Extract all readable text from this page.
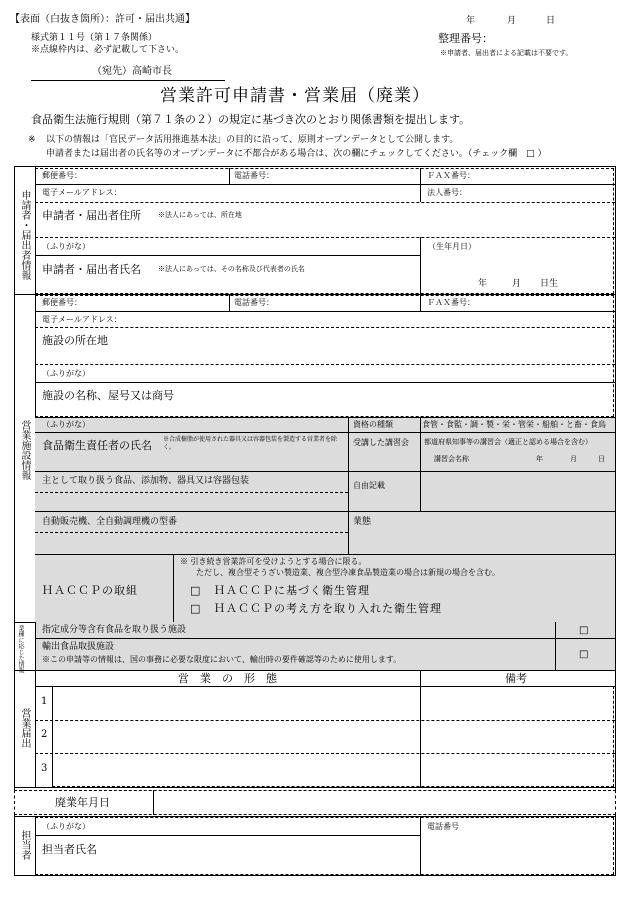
【表面（白抜き箇所）：許可・届出共通】	年	月	日
様式第１１号（第１７条関係）
※点線枠内は、必ず記載して下さい。
整理番号：
※申請者、届出者による記載は不要です。
（宛先）高崎市長
営業許可申請書・営業届（廃業）
食品衛生法施行規則（第７１条の２）の規定に基づき次のとおり関係書類を提出します。
※ 以下の情報は「官民データ活用推進基本法」の目的に沿って、原則オープンデータとして公開します。
申請者または届出者の氏名等のオープンデータに不都合がある場合は、次の欄にチェックしてください。（チェック欄　□ ）
申請者・届出者情報
郵便番号：	電話番号：	ＦＡＸ番号：
電子メールアドレス：	法人番号：
申請者・届出者住所 ※法人にあっては、所在地
（ふりがな）	（生年月日）
申請者・届出者氏名 ※法人にあっては、その名称及び代表者の氏名
年	月 日生
営業施設情報
郵便番号：	電話番号：	ＦＡＸ番号：
電子メールアドレス：
施設の所在地
（ふりがな）
施設の名称、屋号又は商号
（ふりがな）
食品衛生責任者の氏名 ※合成樹脂が使用された器具又は容器包装を製造する営業者を除く。
資格の種類	食管・食監・調・製・栄・管栄・船舶・と畜・食鳥
受講した講習会 都道府県知事等の講習会（適正と認める場合を含む）
講習会名称	年	月	日
主として取り扱う食品、添加物、器具又は容器包装	自由記載
自動販売機、全自動調理機の型番	業態
ＨＡＣＣＰの取組
※ 引き続き営業許可を受けようとする場合に限る。
ただし、複合型そうざい製造業、複合型冷凍食品製造業の場合は新規の場合を含む。
□ ＨＡＣＣＰに基づく衛生管理
□ ＨＡＣＣＰの考え方を取り入れた衛生管理
業種に応じた情報 指定成分等含有食品を取り扱う施設	□
輸出食品取扱施設
※この申請等の情報は、国の事務に必要な限度において、輸出時の要件確認等のために使用します。	□
営業届出
営　業　の　形　態	備考
1
2
3
廃業年月日
担当者
（ふりがな）	電話番号
担当者氏名
